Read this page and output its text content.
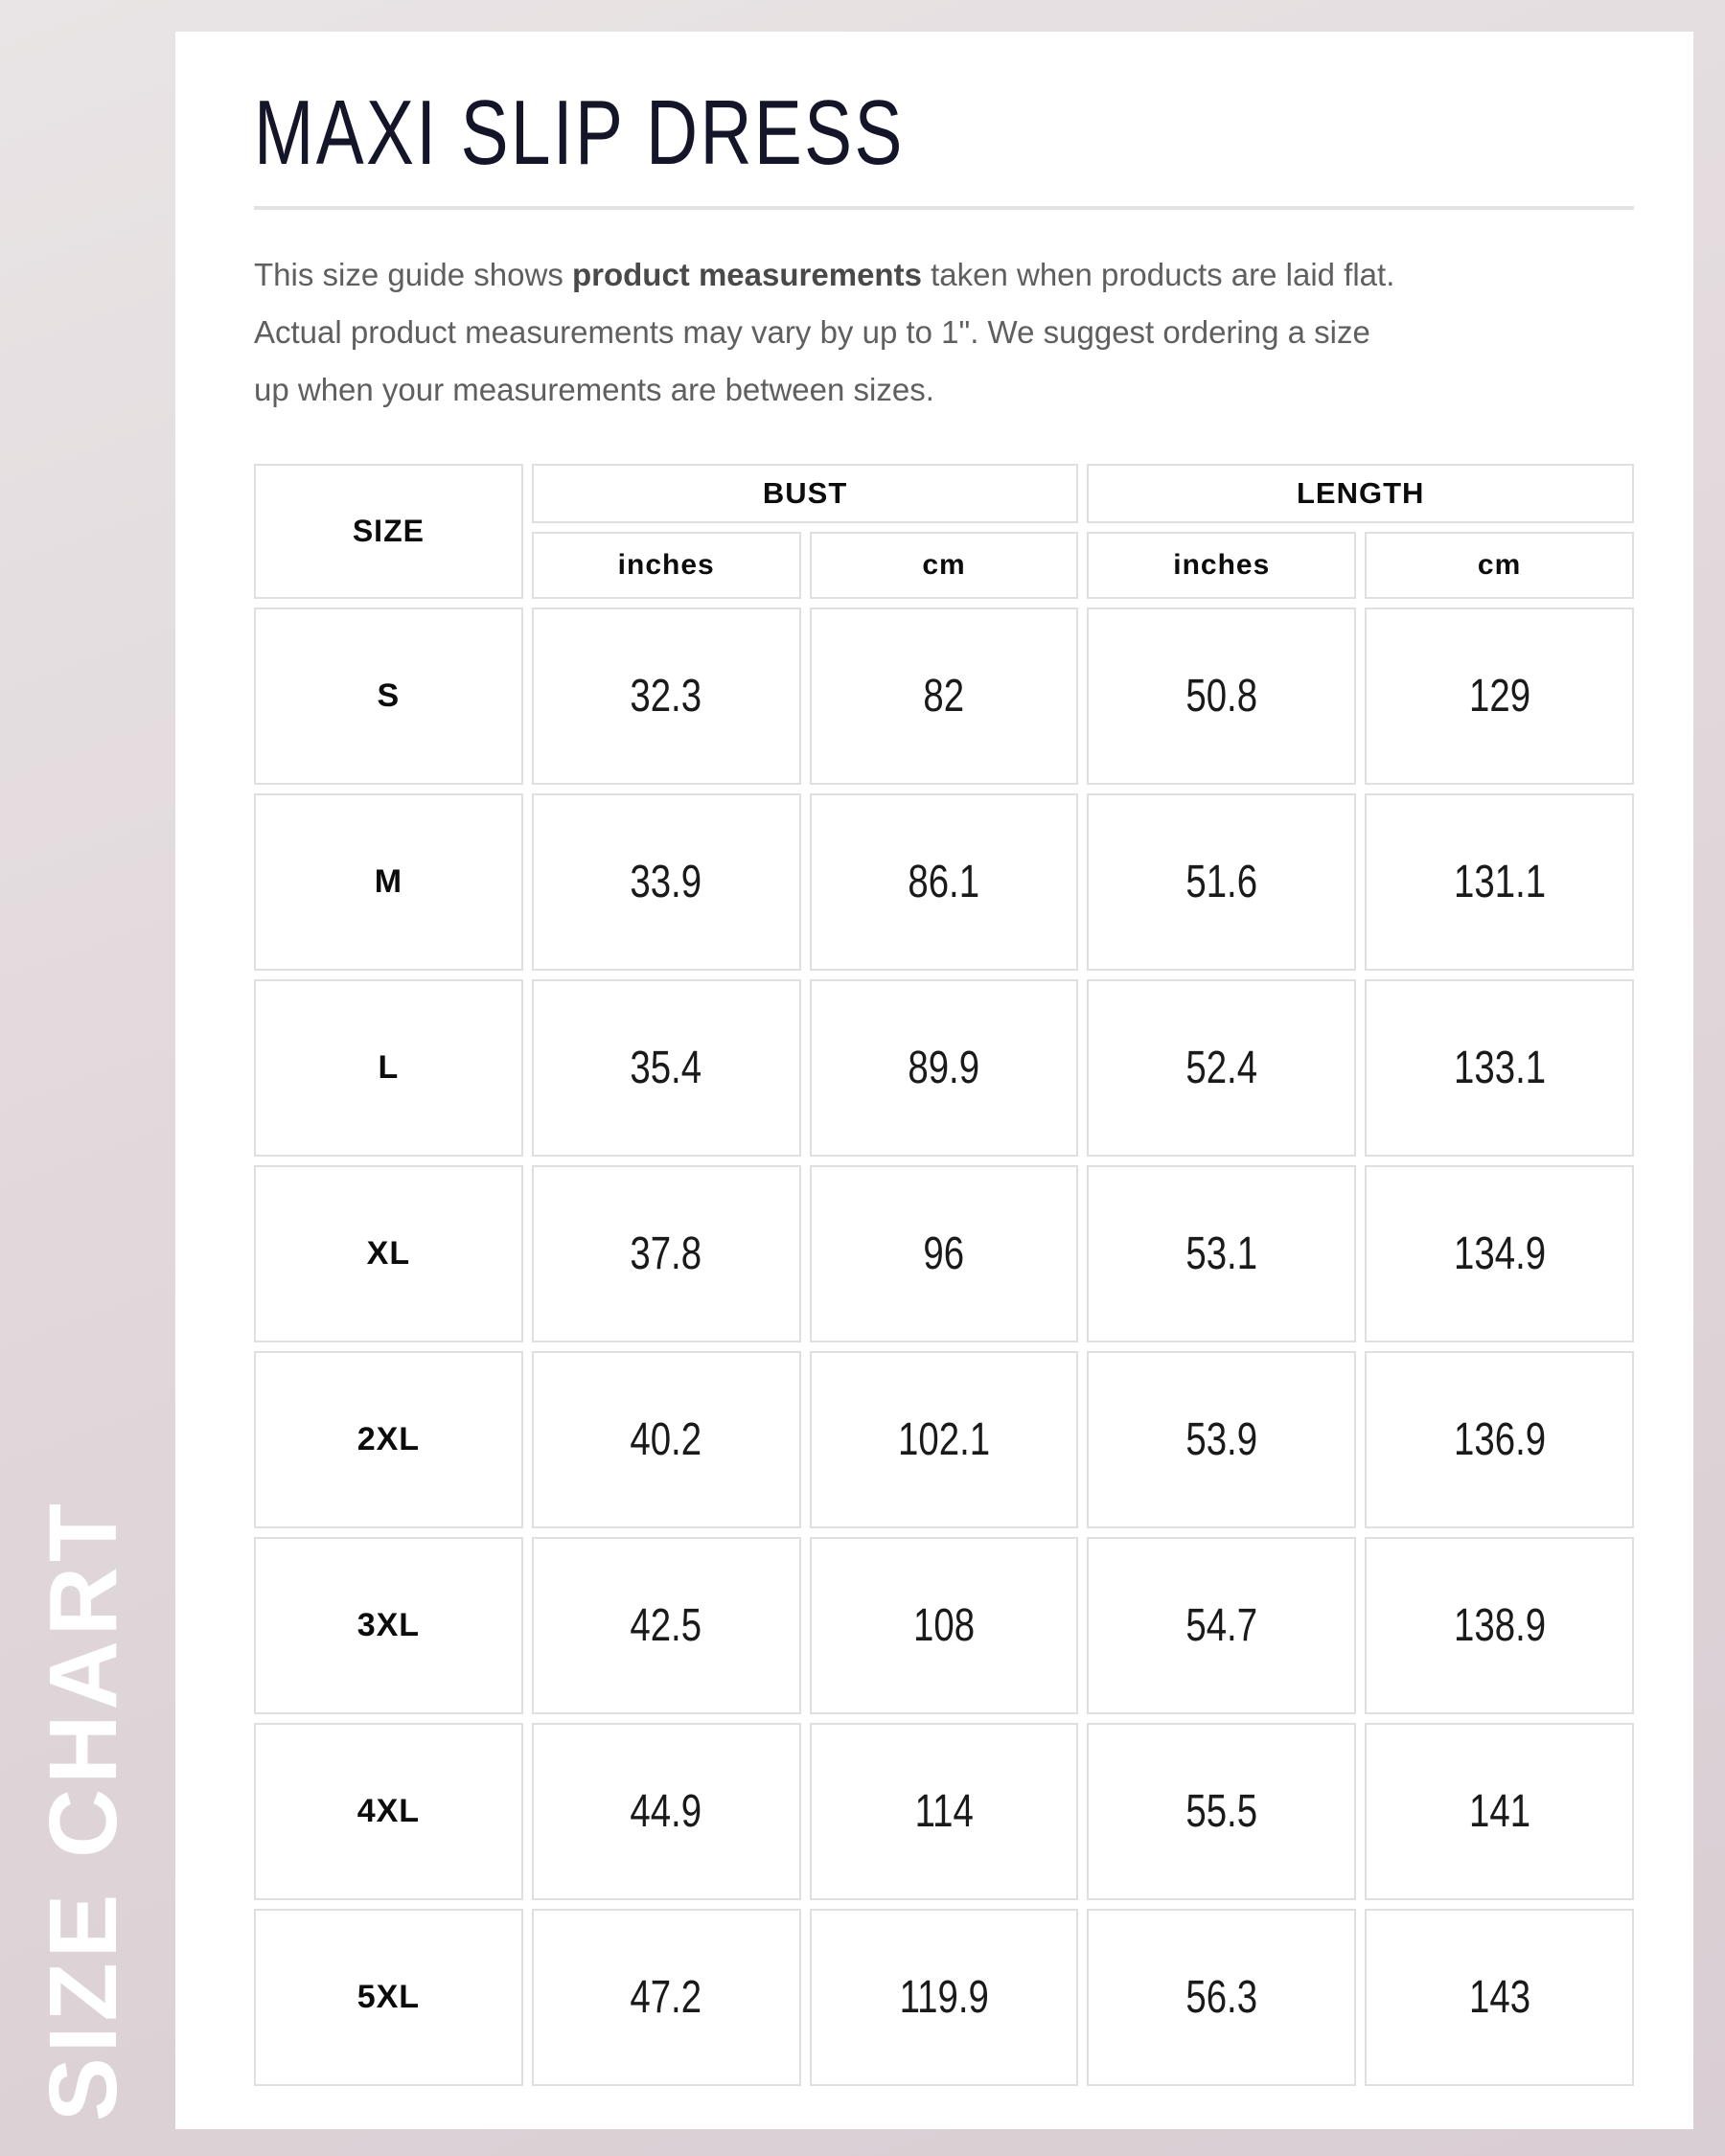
SIZE CHART
MAXI SLIP DRESS

This size guide shows product measurements taken when products are laid flat.
Actual product measurements may vary by up to 1". We suggest ordering a size
up when your measurements are between sizes.

SIZE	BUST		LENGTH	
	inches	cm	inches	cm
S	32.3	82	50.8	129
M	33.9	86.1	51.6	131.1
L	35.4	89.9	52.4	133.1
XL	37.8	96	53.1	134.9
2XL	40.2	102.1	53.9	136.9
3XL	42.5	108	54.7	138.9
4XL	44.9	114	55.5	141
5XL	47.2	119.9	56.3	143
